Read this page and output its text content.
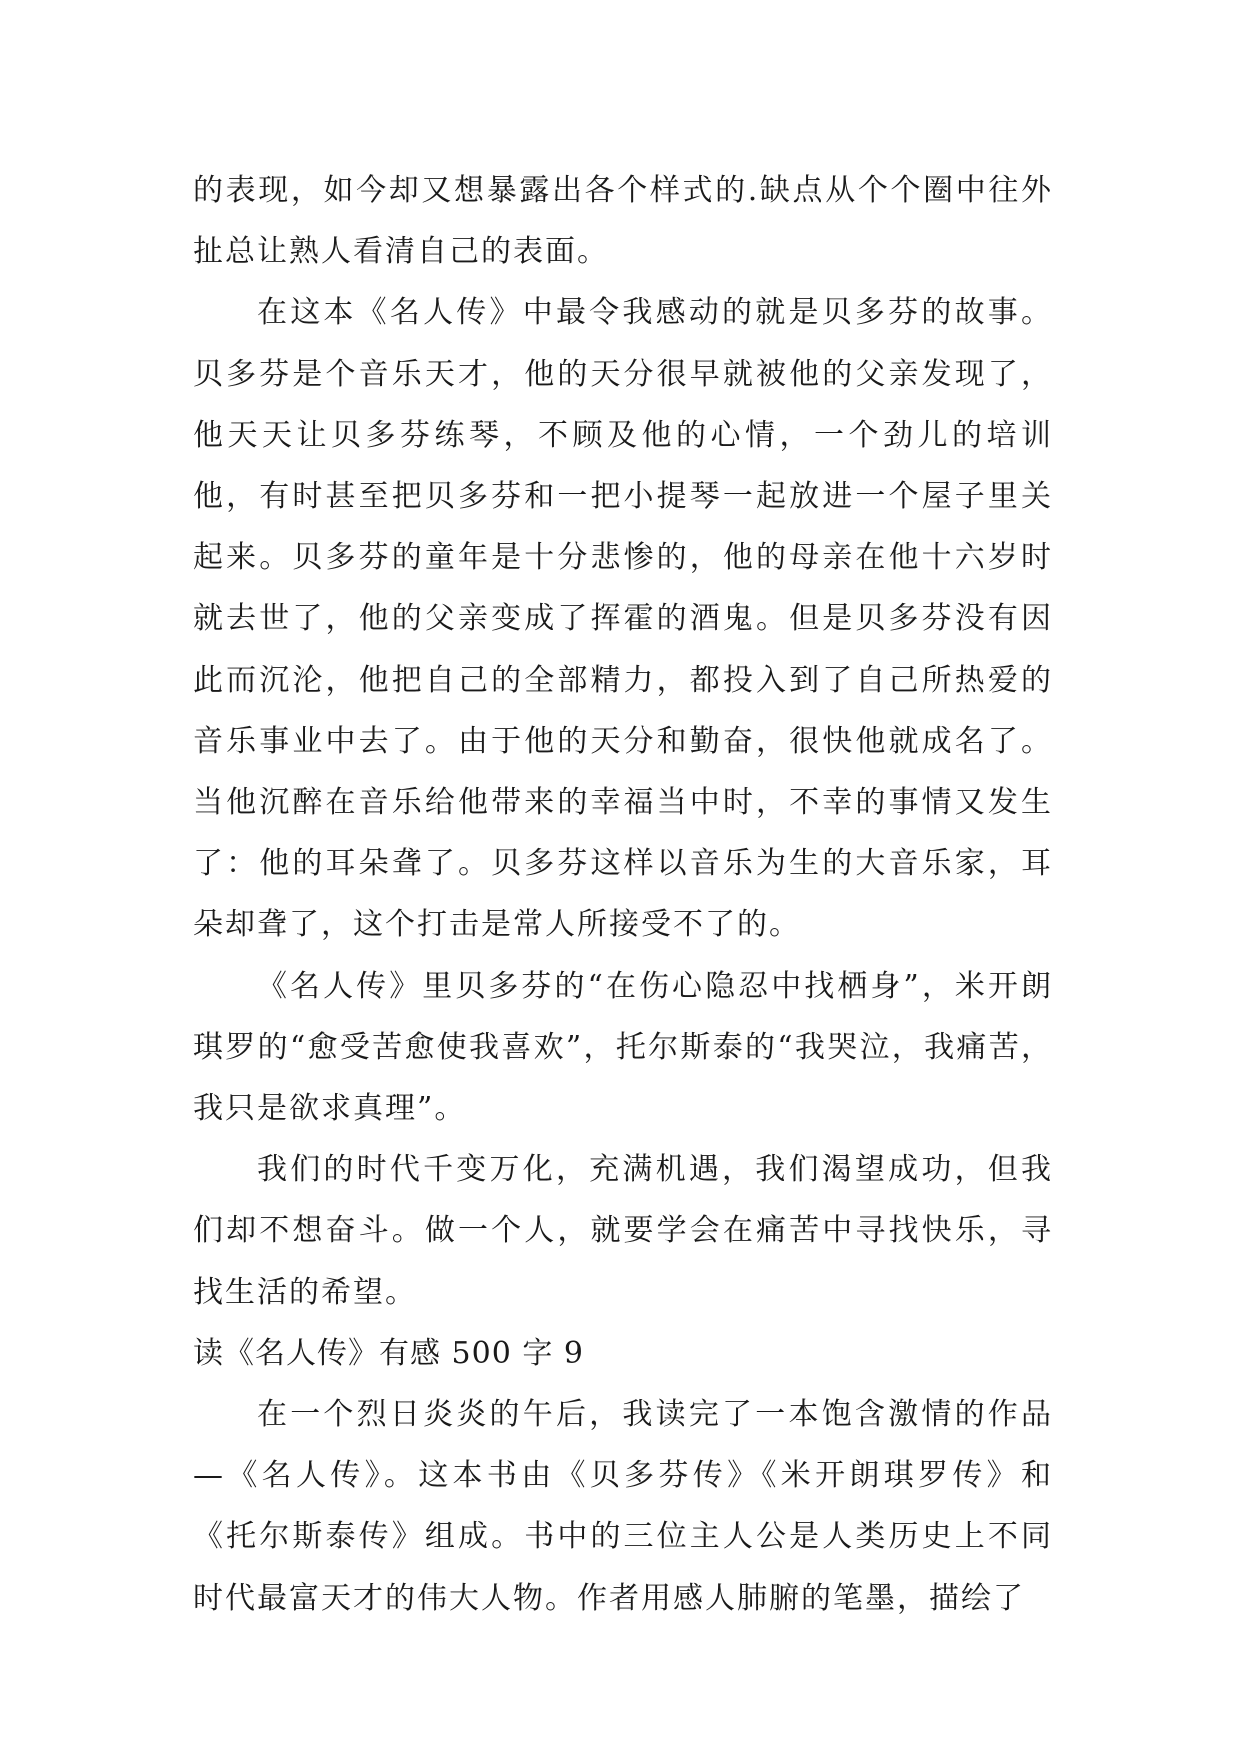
的表现，如今却又想暴露出各个样式的.缺点从个个圈中往外扯总让熟人看清自己的表面。

在这本《名人传》中最令我感动的就是贝多芬的故事。贝多芬是个音乐天才，他的天分很早就被他的父亲发现了，他天天让贝多芬练琴，不顾及他的心情，一个劲儿的培训他，有时甚至把贝多芬和一把小提琴一起放进一个屋子里关起来。贝多芬的童年是十分悲惨的，他的母亲在他十六岁时就去世了，他的父亲变成了挥霍的酒鬼。但是贝多芬没有因此而沉沦，他把自己的全部精力，都投入到了自己所热爱的音乐事业中去了。由于他的天分和勤奋，很快他就成名了。当他沉醉在音乐给他带来的幸福当中时，不幸的事情又发生了：他的耳朵聋了。贝多芬这样以音乐为生的大音乐家，耳朵却聋了，这个打击是常人所接受不了的。

《名人传》里贝多芬的“在伤心隐忍中找栖身”，米开朗琪罗的“愈受苦愈使我喜欢”，托尔斯泰的“我哭泣，我痛苦，我只是欲求真理”。

我们的时代千变万化，充满机遇，我们渴望成功，但我们却不想奋斗。做一个人，就要学会在痛苦中寻找快乐，寻找生活的希望。

读《名人传》有感 500 字 9

在一个烈日炎炎的午后，我读完了一本饱含激情的作品—《名人传》。这本书由《贝多芬传》《米开朗琪罗传》和《托尔斯泰传》组成。书中的三位主人公是人类历史上不同时代最富天才的伟大人物。作者用感人肺腑的笔墨，描绘了
